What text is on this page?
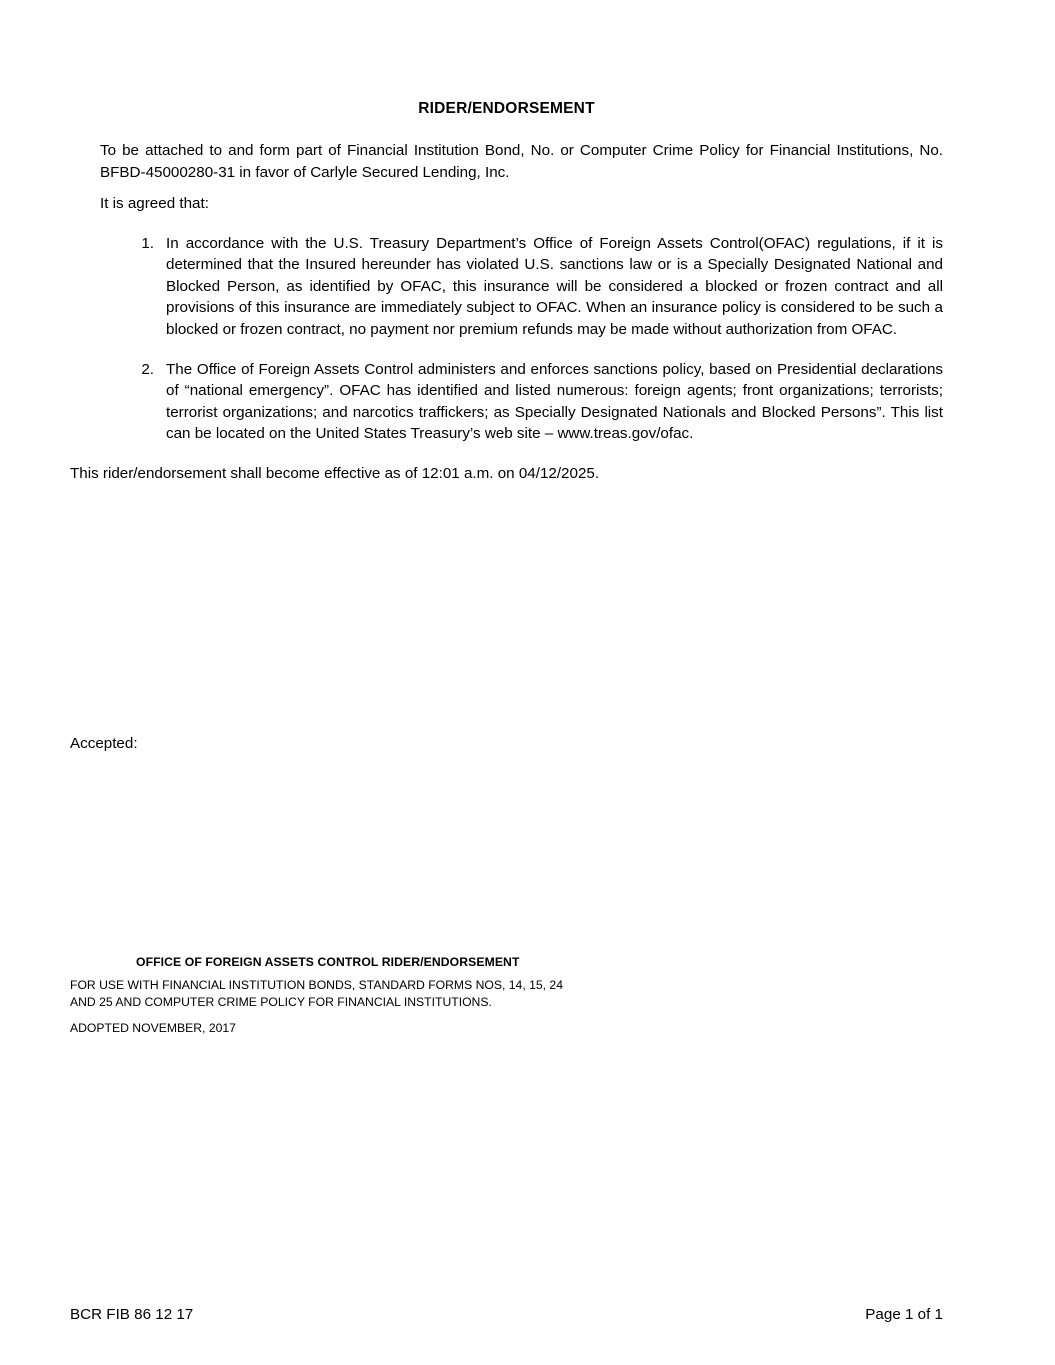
RIDER/ENDORSEMENT

To be attached to and form part of Financial Institution Bond, No. or Computer Crime Policy for Financial Institutions, No. BFBD-45000280-31 in favor of Carlyle Secured Lending, Inc.

It is agreed that:

1. In accordance with the U.S. Treasury Department’s Office of Foreign Assets Control(OFAC) regulations, if it is determined that the Insured hereunder has violated U.S. sanctions law or is a Specially Designated National and Blocked Person, as identified by OFAC, this insurance will be considered a blocked or frozen contract and all provisions of this insurance are immediately subject to OFAC. When an insurance policy is considered to be such a blocked or frozen contract, no payment nor premium refunds may be made without authorization from OFAC.
2. The Office of Foreign Assets Control administers and enforces sanctions policy, based on Presidential declarations of “national emergency”. OFAC has identified and listed numerous: foreign agents; front organizations; terrorists; terrorist organizations; and narcotics traffickers; as Specially Designated Nationals and Blocked Persons”. This list can be located on the United States Treasury’s web site – www.treas.gov/ofac.

This rider/endorsement shall become effective as of 12:01 a.m. on 04/12/2025.

Accepted:

OFFICE OF FOREIGN ASSETS CONTROL RIDER/ENDORSEMENT
FOR USE WITH FINANCIAL INSTITUTION BONDS, STANDARD FORMS NOS, 14, 15, 24
AND 25 AND COMPUTER CRIME POLICY FOR FINANCIAL INSTITUTIONS.
ADOPTED NOVEMBER, 2017
BCR FIB 86 12 17	Page 1 of 1
